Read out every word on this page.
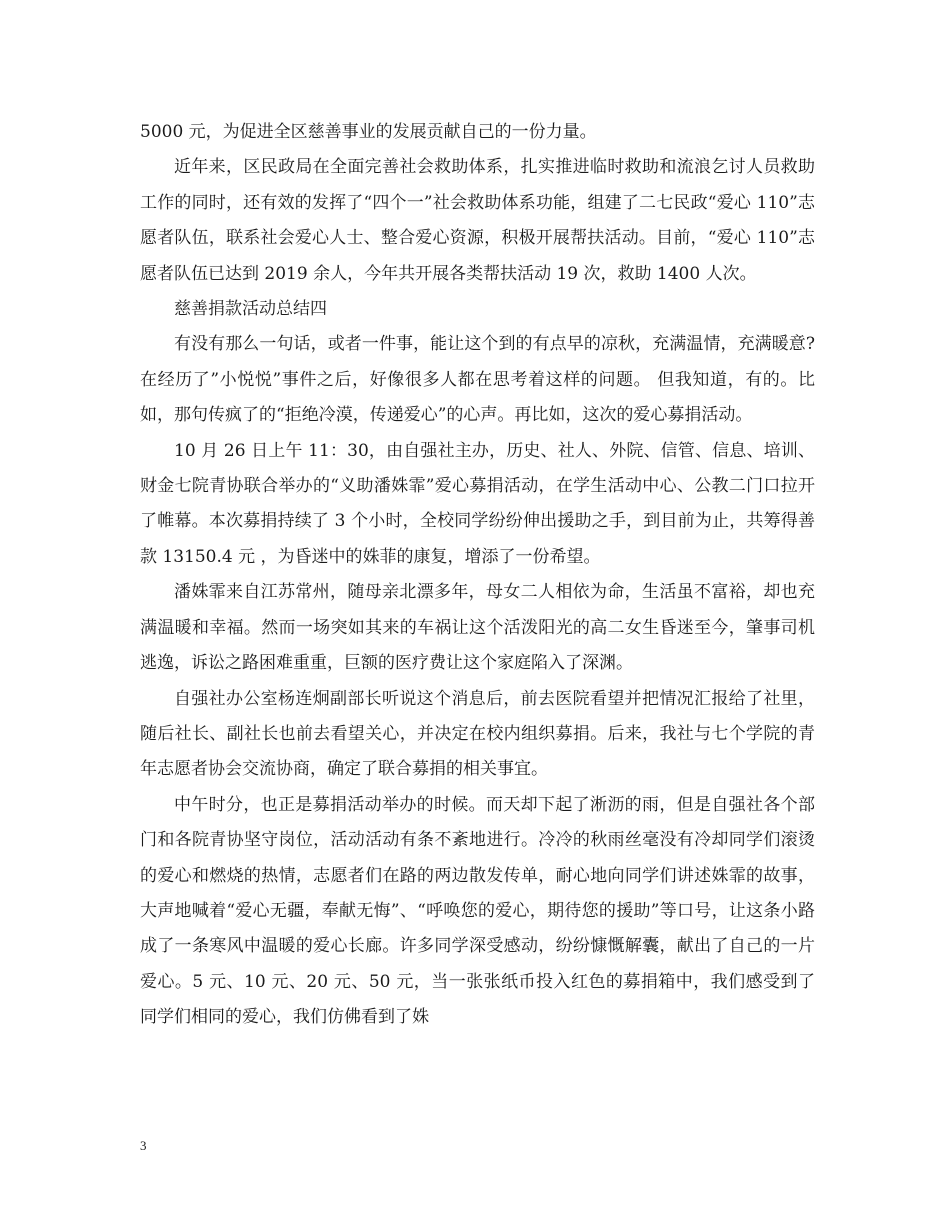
5000 元，为促进全区慈善事业的发展贡献自己的一份力量。

近年来，区民政局在全面完善社会救助体系，扎实推进临时救助和流浪乞讨人员救助工作的同时，还有效的发挥了“四个一”社会救助体系功能，组建了二七民政“爱心 110”志愿者队伍，联系社会爱心人士、整合爱心资源，积极开展帮扶活动。目前，“爱心 110”志愿者队伍已达到 2019 余人，今年共开展各类帮扶活动 19 次，救助 1400 人次。

慈善捐款活动总结四

有没有那么一句话，或者一件事，能让这个到的有点早的凉秋，充满温情，充满暖意?在经历了”小悦悦”事件之后，好像很多人都在思考着这样的问题。 但我知道，有的。比如，那句传疯了的“拒绝冷漠，传递爱心”的心声。再比如，这次的爱心募捐活动。

10 月 26 日上午 11：30，由自强社主办，历史、社人、外院、信管、信息、培训、财金七院青协联合举办的“义助潘姝霏”爱心募捐活动，在学生活动中心、公教二门口拉开了帷幕。本次募捐持续了 3 个小时，全校同学纷纷伸出援助之手，到目前为止，共筹得善款 13150.4 元 ，为昏迷中的姝菲的康复，增添了一份希望。

潘姝霏来自江苏常州，随母亲北漂多年，母女二人相依为命，生活虽不富裕，却也充满温暖和幸福。然而一场突如其来的车祸让这个活泼阳光的高二女生昏迷至今，肇事司机逃逸，诉讼之路困难重重，巨额的医疗费让这个家庭陷入了深渊。

自强社办公室杨连炯副部长听说这个消息后，前去医院看望并把情况汇报给了社里，随后社长、副社长也前去看望关心，并决定在校内组织募捐。后来，我社与七个学院的青年志愿者协会交流协商，确定了联合募捐的相关事宜。

中午时分，也正是募捐活动举办的时候。而天却下起了淅沥的雨，但是自强社各个部门和各院青协坚守岗位，活动活动有条不紊地进行。冷冷的秋雨丝毫没有冷却同学们滚烫的爱心和燃烧的热情，志愿者们在路的两边散发传单，耐心地向同学们讲述姝霏的故事，大声地喊着“爱心无疆，奉献无悔”、“呼唤您的爱心，期待您的援助”等口号，让这条小路成了一条寒风中温暖的爱心长廊。许多同学深受感动，纷纷慷慨解囊，献出了自己的一片爱心。5 元、10 元、20 元、50 元，当一张张纸币投入红色的募捐箱中，我们感受到了同学们相同的爱心，我们仿佛看到了姝

3
